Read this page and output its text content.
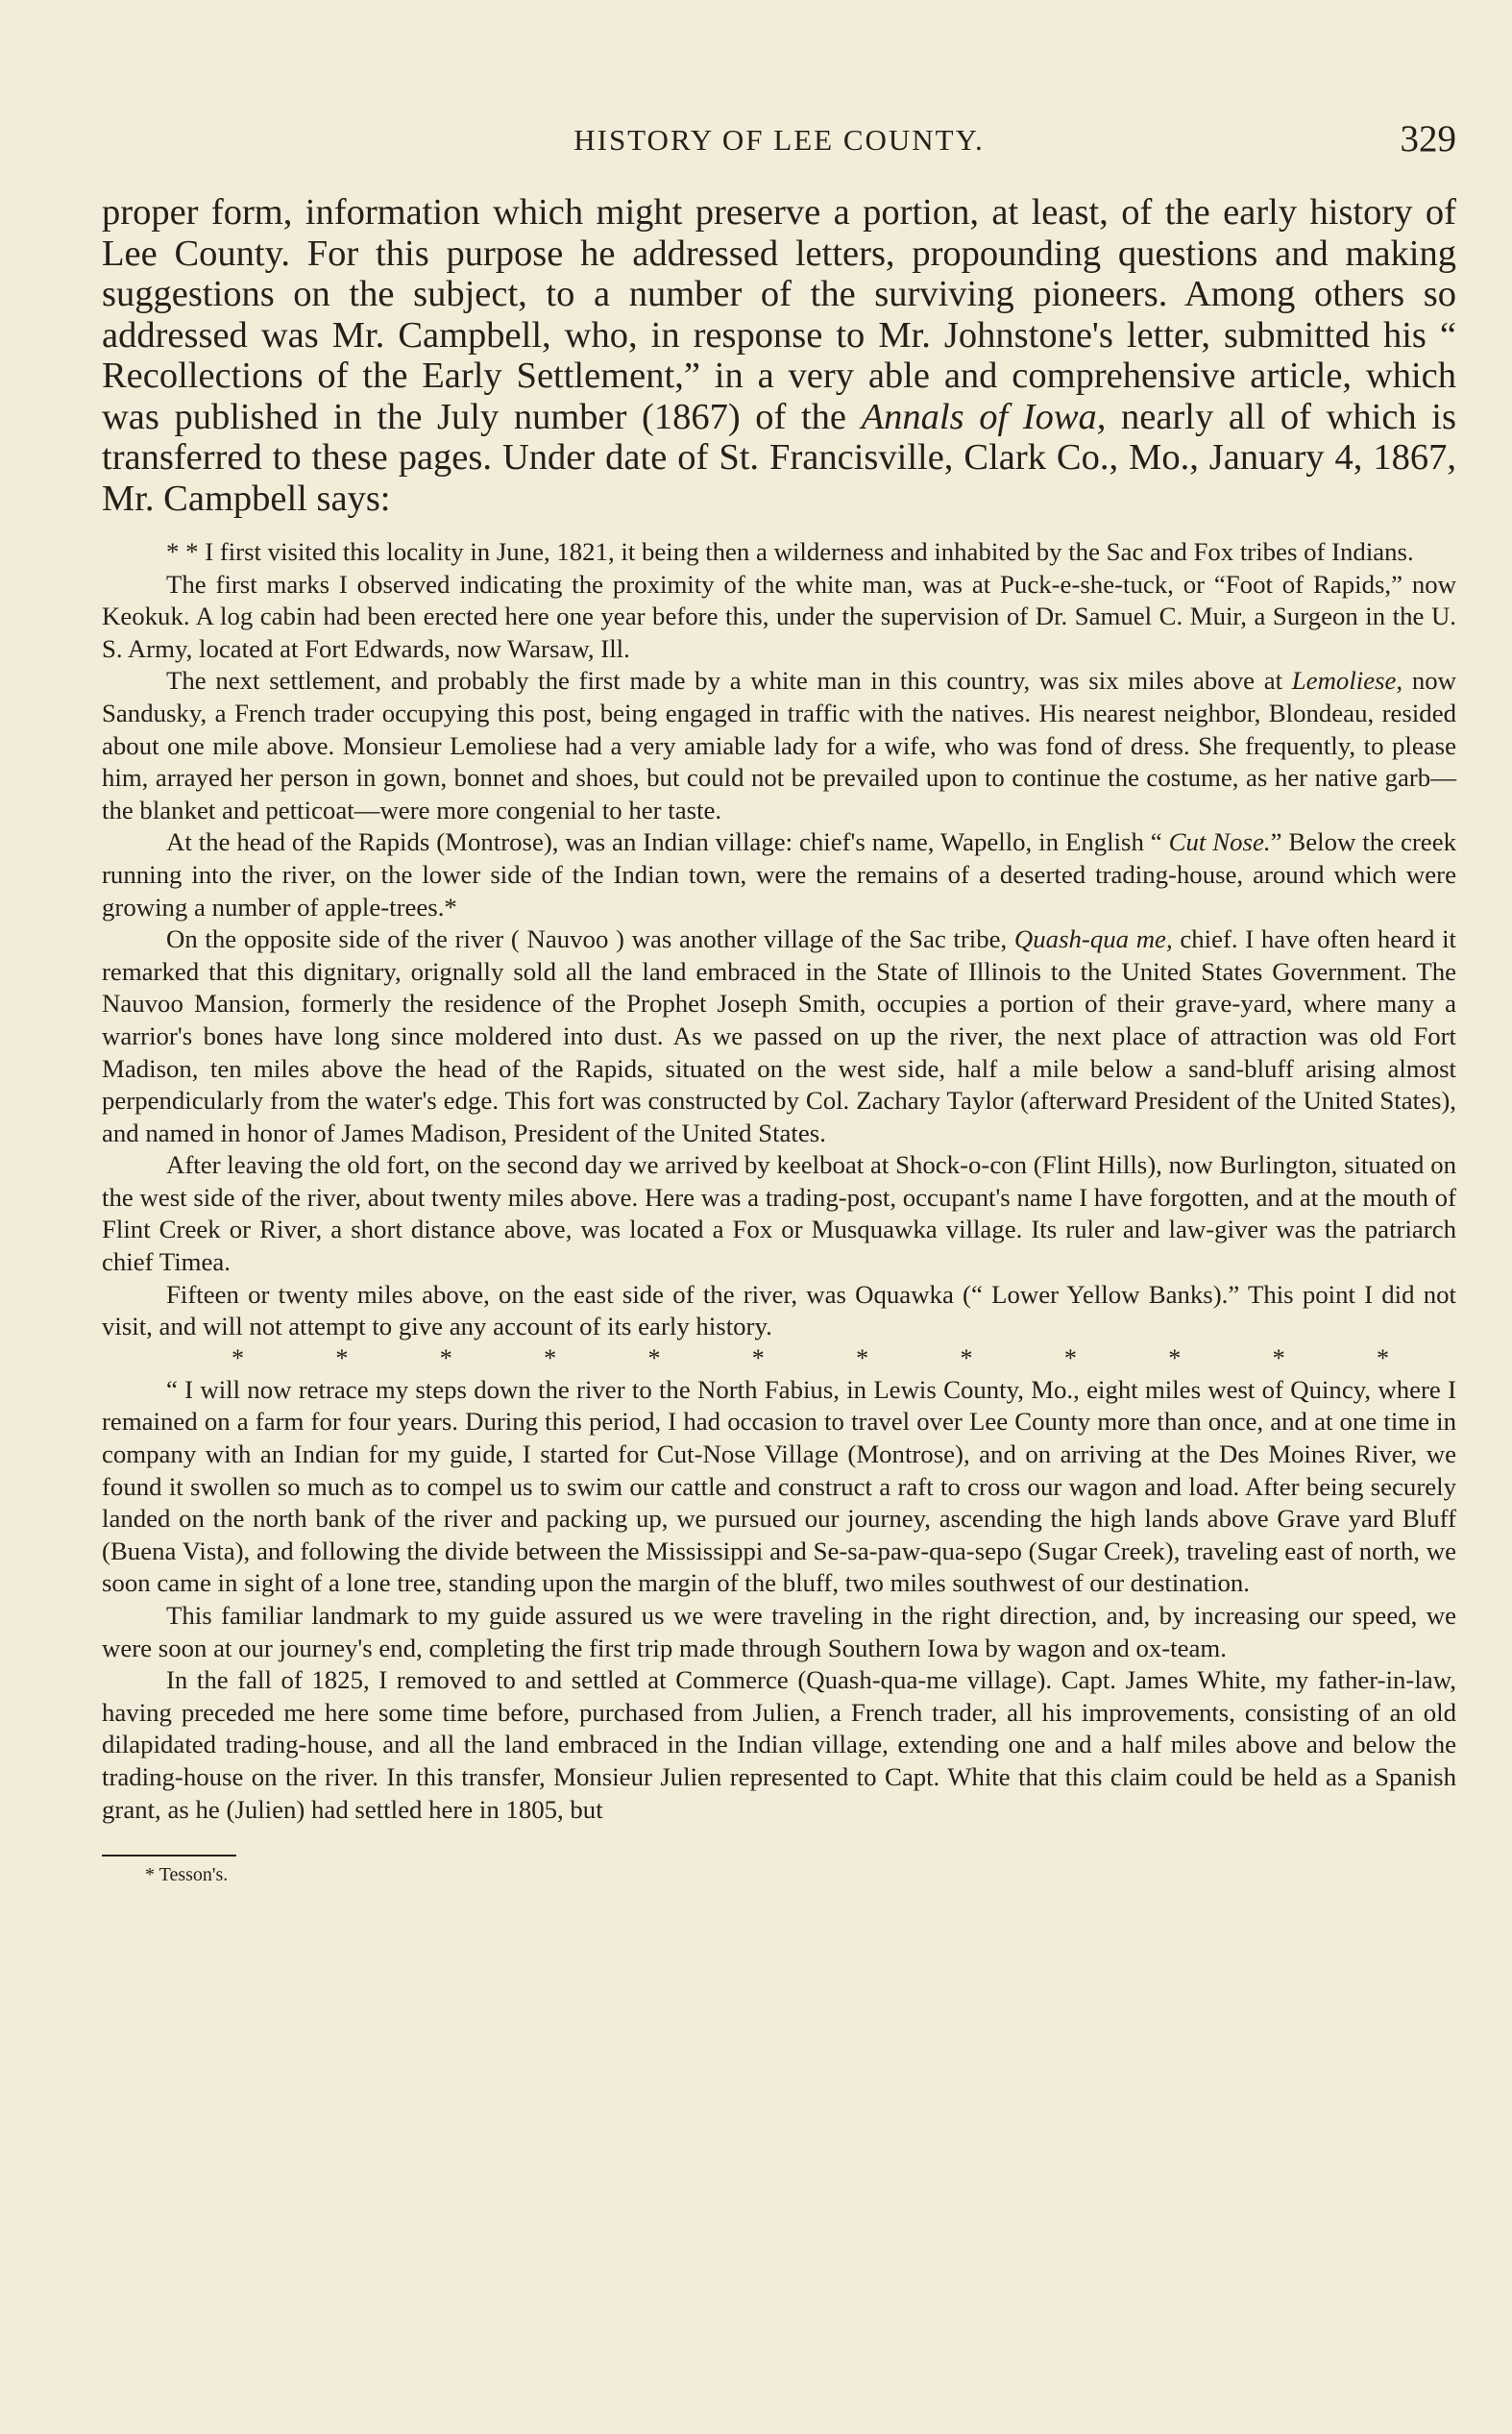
HISTORY OF LEE COUNTY.	329

proper form, information which might preserve a portion, at least, of the early history of Lee County. For this purpose he addressed letters, propounding questions and making suggestions on the subject, to a number of the surviving pioneers. Among others so addressed was Mr. Campbell, who, in response to Mr. Johnstone's letter, submitted his “ Recollections of the Early Settlement,” in a very able and comprehensive article, which was published in the July number (1867) of the Annals of Iowa, nearly all of which is transferred to these pages. Under date of St. Francisville, Clark Co., Mo., January 4, 1867, Mr. Campbell says:

* * I first visited this locality in June, 1821, it being then a wilderness and inhabited by the Sac and Fox tribes of Indians.

The first marks I observed indicating the proximity of the white man, was at Puck-e-she-tuck, or “Foot of Rapids,” now Keokuk. A log cabin had been erected here one year before this, under the supervision of Dr. Samuel C. Muir, a Surgeon in the U. S. Army, located at Fort Edwards, now Warsaw, Ill.

The next settlement, and probably the first made by a white man in this country, was six miles above at Lemoliese, now Sandusky, a French trader occupying this post, being engaged in traffic with the natives. His nearest neighbor, Blondeau, resided about one mile above. Monsieur Lemoliese had a very amiable lady for a wife, who was fond of dress. She frequently, to please him, arrayed her person in gown, bonnet and shoes, but could not be prevailed upon to continue the costume, as her native garb—the blanket and petticoat—were more congenial to her taste.

At the head of the Rapids (Montrose), was an Indian village: chief's name, Wapello, in English “ Cut Nose.” Below the creek running into the river, on the lower side of the Indian town, were the remains of a deserted trading-house, around which were growing a number of apple-trees.*

On the opposite side of the river ( Nauvoo ) was another village of the Sac tribe, Quash-qua me, chief. I have often heard it remarked that this dignitary, orignally sold all the land embraced in the State of Illinois to the United States Government. The Nauvoo Mansion, formerly the residence of the Prophet Joseph Smith, occupies a portion of their grave-yard, where many a warrior's bones have long since moldered into dust. As we passed on up the river, the next place of attraction was old Fort Madison, ten miles above the head of the Rapids, situated on the west side, half a mile below a sand-bluff arising almost perpendicularly from the water's edge. This fort was constructed by Col. Zachary Taylor (afterward President of the United States), and named in honor of James Madison, President of the United States.

After leaving the old fort, on the second day we arrived by keelboat at Shock-o-con (Flint Hills), now Burlington, situated on the west side of the river, about twenty miles above. Here was a trading-post, occupant's name I have forgotten, and at the mouth of Flint Creek or River, a short distance above, was located a Fox or Musquawka village. Its ruler and law-giver was the patriarch chief Timea.

Fifteen or twenty miles above, on the east side of the river, was Oquawka (“ Lower Yellow Banks).” This point I did not visit, and will not attempt to give any account of its early history.

*	*	*	*	*	*	*	*	*	*	*	*

“ I will now retrace my steps down the river to the North Fabius, in Lewis County, Mo., eight miles west of Quincy, where I remained on a farm for four years. During this period, I had occasion to travel over Lee County more than once, and at one time in company with an Indian for my guide, I started for Cut-Nose Village (Montrose), and on arriving at the Des Moines River, we found it swollen so much as to compel us to swim our cattle and construct a raft to cross our wagon and load. After being securely landed on the north bank of the river and packing up, we pursued our journey, ascending the high lands above Grave yard Bluff (Buena Vista), and following the divide between the Mississippi and Se-sa-paw-qua-sepo (Sugar Creek), traveling east of north, we soon came in sight of a lone tree, standing upon the margin of the bluff, two miles southwest of our destination.

This familiar landmark to my guide assured us we were traveling in the right direction, and, by increasing our speed, we were soon at our journey's end, completing the first trip made through Southern Iowa by wagon and ox-team.

In the fall of 1825, I removed to and settled at Commerce (Quash-qua-me village). Capt. James White, my father-in-law, having preceded me here some time before, purchased from Julien, a French trader, all his improvements, consisting of an old dilapidated trading-house, and all the land embraced in the Indian village, extending one and a half miles above and below the trading-house on the river. In this transfer, Monsieur Julien represented to Capt. White that this claim could be held as a Spanish grant, as he (Julien) had settled here in 1805, but

* Tesson's.
